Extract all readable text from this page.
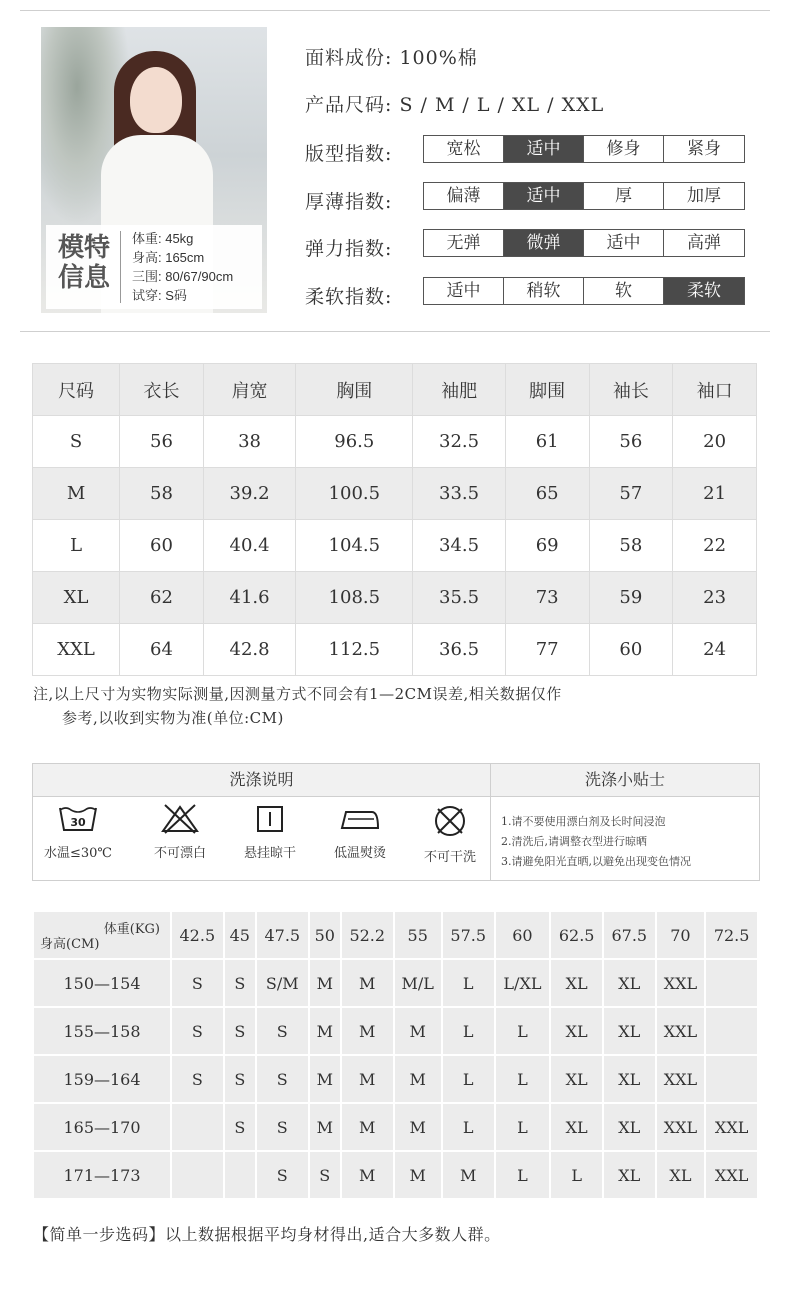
模特
信息
体重: 45kg
身高: 165cm
三围: 80/67/90cm
试穿: S码
面料成份: 100%棉
产品尺码: S / M / L / XL / XXL
版型指数:	宽松	适中	修身	紧身
厚薄指数:	偏薄	适中	厚	加厚
弹力指数:	无弹	微弹	适中	高弹
柔软指数:	适中	稍软	软	柔软
尺码	衣长	肩宽	胸围	袖肥	脚围	袖长	袖口
S	56	38	96.5	32.5	61	56	20
M	58	39.2	100.5	33.5	65	57	21
L	60	40.4	104.5	34.5	69	58	22
XL	62	41.6	108.5	35.5	73	59	23
XXL	64	42.8	112.5	36.5	77	60	24
注,以上尺寸为实物实际测量,因测量方式不同会有1—2CM误差,相关数据仅作
参考,以收到实物为准(单位:CM)
洗涤说明	洗涤小贴士
30
水温≤30℃	不可漂白	悬挂晾干	低温熨烫	不可干洗
1.请不要使用漂白剂及长时间浸泡
2.清洗后,请调整衣型进行晾晒
3.请避免阳光直晒,以避免出现变色情况
体重(KG)
身高(CM)	42.5	45	47.5	50	52.2	55	57.5	60	62.5	67.5	70	72.5
150—154	S	S	S/M	M	M	M/L	L	L/XL	XL	XL	XXL	
155—158	S	S	S	M	M	M	L	L	XL	XL	XXL	
159—164	S	S	S	M	M	M	L	L	XL	XL	XXL	
165—170		S	S	M	M	M	L	L	XL	XL	XXL	XXL
171—173			S	S	M	M	M	L	L	XL	XL	XXL
【简单一步选码】以上数据根据平均身材得出,适合大多数人群。
